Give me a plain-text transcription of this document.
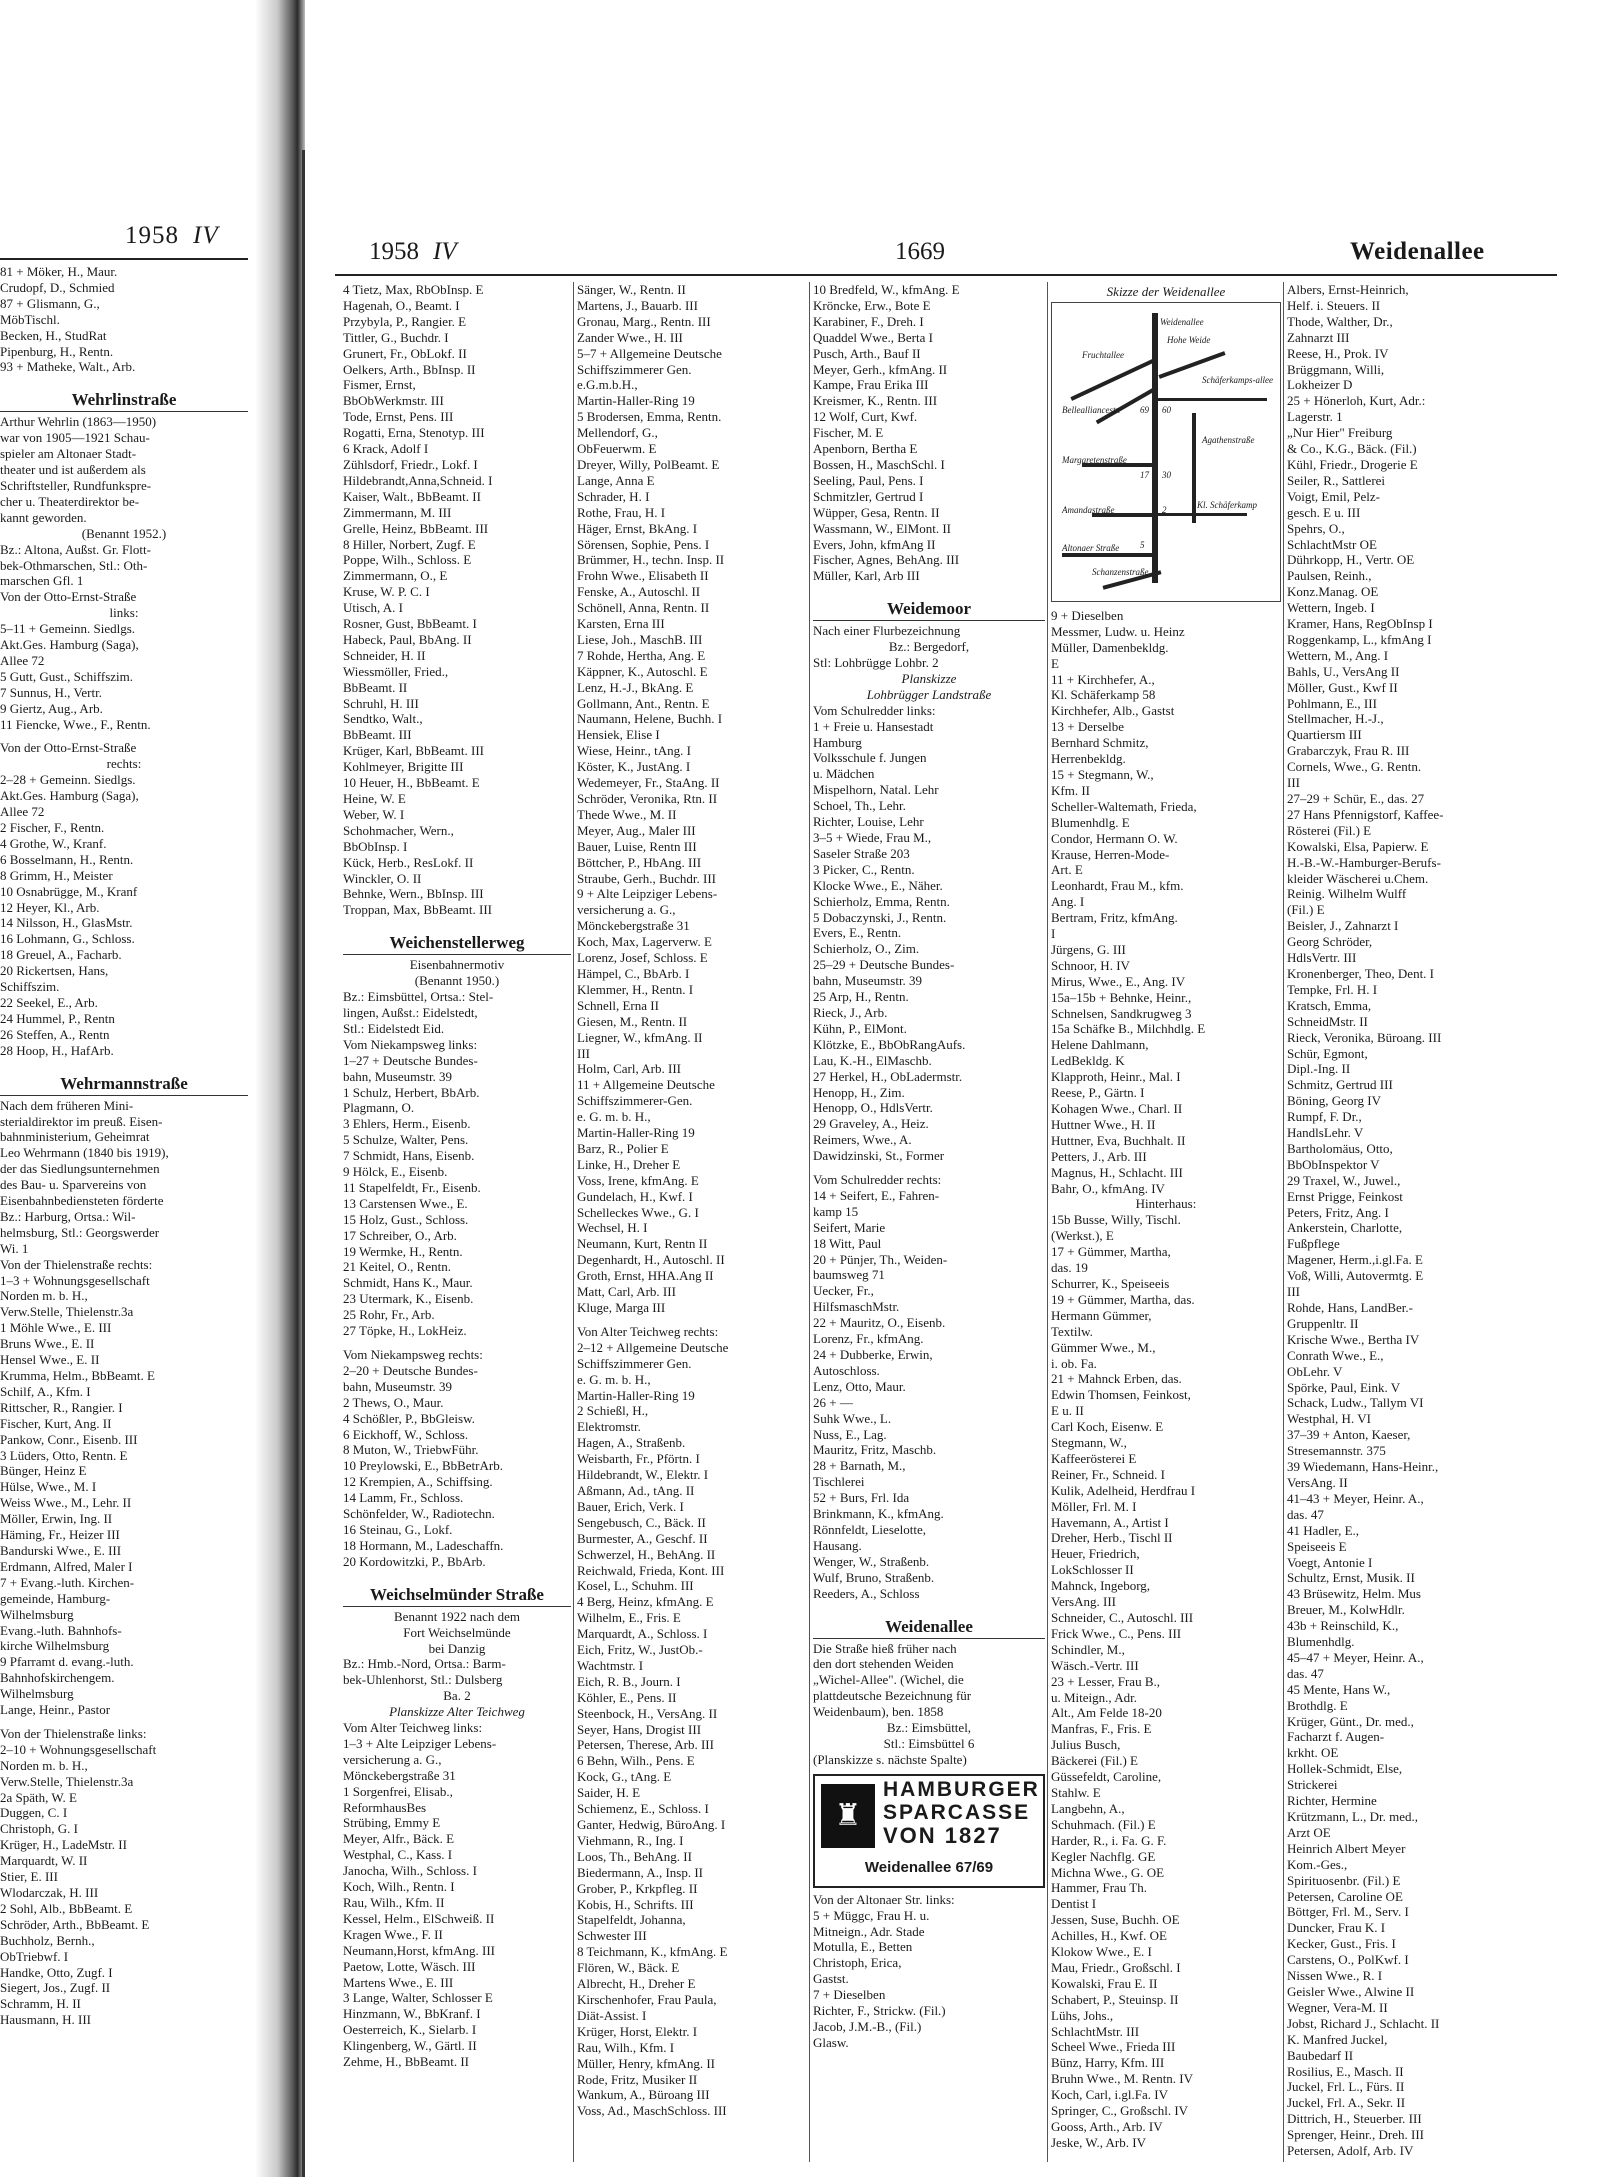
1958 IV
81 + Möker, H., Maur.
Crudopf, D., Schmied
87 + Glismann, G.,
MöbTischl.
Becken, H., StudRat
Pipenburg, H., Rentn.
93 + Matheke, Walt., Arb.
Wehrlinstraße
Arthur Wehrlin (1863—1950)
war von 1905—1921 Schau-
spieler am Altonaer Stadt-
theater und ist außerdem als
Schriftsteller, Rundfunkspre-
cher u. Theaterdirektor be-
kannt geworden.
(Benannt 1952.)
Bz.: Altona, Außst. Gr. Flott-
bek-Othmarschen, Stl.: Oth-
marschen Gfl. 1
Von der Otto-Ernst-Straße
links:
5–11 + Gemeinn. Siedlgs.
Akt.Ges. Hamburg (Saga),
Allee 72
5 Gutt, Gust., Schiffszim.
7 Sunnus, H., Vertr.
9 Giertz, Aug., Arb.
11 Fiencke, Wwe., F., Rentn.
Von der Otto-Ernst-Straße
rechts:
2–28 + Gemeinn. Siedlgs.
Akt.Ges. Hamburg (Saga),
Allee 72
2 Fischer, F., Rentn.
4 Grothe, W., Kranf.
6 Bosselmann, H., Rentn.
8 Grimm, H., Meister
10 Osnabrügge, M., Kranf
12 Heyer, Kl., Arb.
14 Nilsson, H., GlasMstr.
16 Lohmann, G., Schloss.
18 Greuel, A., Facharb.
20 Rickertsen, Hans,
Schiffszim.
22 Seekel, E., Arb.
24 Hummel, P., Rentn
26 Steffen, A., Rentn
28 Hoop, H., HafArb.
Wehrmannstraße
Nach dem früheren Mini-
sterialdirektor im preuß. Eisen-
bahnministerium, Geheimrat
Leo Wehrmann (1840 bis 1919),
der das Siedlungsunternehmen
des Bau- u. Sparvereins von
Eisenbahnbediensteten förderte
Bz.: Harburg, Ortsa.: Wil-
helmsburg, Stl.: Georgswerder
Wi. 1
Von der Thielenstraße rechts:
1–3 + Wohnungsgesellschaft
Norden m. b. H.,
Verw.Stelle, Thielenstr.3a
1 Möhle Wwe., E. III
Bruns Wwe., E. II
Hensel Wwe., E. II
Krumma, Helm., BbBeamt. E
Schilf, A., Kfm. I
Rittscher, R., Rangier. I
Fischer, Kurt, Ang. II
Pankow, Conr., Eisenb. III
3 Lüders, Otto, Rentn. E
Bünger, Heinz E
Hülse, Wwe., M. I
Weiss Wwe., M., Lehr. II
Möller, Erwin, Ing. II
Häming, Fr., Heizer III
Bandurski Wwe., E. III
Erdmann, Alfred, Maler I
7 + Evang.-luth. Kirchen-
gemeinde, Hamburg-
Wilhelmsburg
Evang.-luth. Bahnhofs-
kirche Wilhelmsburg
9 Pfarramt d. evang.-luth.
Bahnhofskirchengem.
Wilhelmsburg
Lange, Heinr., Pastor
Von der Thielenstraße links:
2–10 + Wohnungsgesellschaft
Norden m. b. H.,
Verw.Stelle, Thielenstr.3a
2a Späth, W. E
Duggen, C. I
Christoph, G. I
Krüger, H., LadeMstr. II
Marquardt, W. II
Stier, E. III
Wlodarczak, H. III
2 Sohl, Alb., BbBeamt. E
Schröder, Arth., BbBeamt. E
Buchholz, Bernh.,
ObTriebwf. I
Handke, Otto, Zugf. I
Siegert, Jos., Zugf. II
Schramm, H. II
Hausmann, H. III
1958 IV	1669	Weidenallee
4 Tietz, Max, RbObInsp. E
Hagenah, O., Beamt. I
Przybyla, P., Rangier. E
Tittler, G., Buchdr. I
Grunert, Fr., ObLokf. II
Oelkers, Arth., BbInsp. II
Fismer, Ernst,
BbObWerkmstr. III
Tode, Ernst, Pens. III
Rogatti, Erna, Stenotyp. III
6 Krack, Adolf I
Zühlsdorf, Friedr., Lokf. I
Hildebrandt,Anna,Schneid. I
Kaiser, Walt., BbBeamt. II
Zimmermann, M. III
Grelle, Heinz, BbBeamt. III
8 Hiller, Norbert, Zugf. E
Poppe, Wilh., Schloss. E
Zimmermann, O., E
Kruse, W. P. C. I
Utisch, A. I
Rosner, Gust, BbBeamt. I
Habeck, Paul, BbAng. II
Schneider, H. II
Wiessmöller, Fried.,
BbBeamt. II
Schruhl, H. III
Sendtko, Walt.,
BbBeamt. III
Krüger, Karl, BbBeamt. III
Kohlmeyer, Brigitte III
10 Heuer, H., BbBeamt. E
Heine, W. E
Weber, W. I
Schohmacher, Wern.,
BbObInsp. I
Kück, Herb., ResLokf. II
Winckler, O. II
Behnke, Wern., BbInsp. III
Troppan, Max, BbBeamt. III
Weichenstellerweg
Eisenbahnermotiv
(Benannt 1950.)
Bz.: Eimsbüttel, Ortsa.: Stel-
lingen, Außst.: Eidelstedt,
Stl.: Eidelstedt Eid.
Vom Niekampsweg links:
1–27 + Deutsche Bundes-
bahn, Museumstr. 39
1 Schulz, Herbert, BbArb.
Plagmann, O.
3 Ehlers, Herm., Eisenb.
5 Schulze, Walter, Pens.
7 Schmidt, Hans, Eisenb.
9 Hölck, E., Eisenb.
11 Stapelfeldt, Fr., Eisenb.
13 Carstensen Wwe., E.
15 Holz, Gust., Schloss.
17 Schreiber, O., Arb.
19 Wermke, H., Rentn.
21 Keitel, O., Rentn.
Schmidt, Hans K., Maur.
23 Utermark, K., Eisenb.
25 Rohr, Fr., Arb.
27 Töpke, H., LokHeiz.
Vom Niekampsweg rechts:
2–20 + Deutsche Bundes-
bahn, Museumstr. 39
2 Thews, O., Maur.
4 Schößler, P., BbGleisw.
6 Eickhoff, W., Schloss.
8 Muton, W., TriebwFühr.
10 Preylowski, E., BbBetrArb.
12 Krempien, A., Schiffsing.
14 Lamm, Fr., Schloss.
Schönfelder, W., Radiotechn.
16 Steinau, G., Lokf.
18 Hormann, M., Ladeschaffn.
20 Kordowitzki, P., BbArb.
Weichselmünder Straße
Benannt 1922 nach dem
Fort Weichselmünde
bei Danzig
Bz.: Hmb.-Nord, Ortsa.: Barm-
bek-Uhlenhorst, Stl.: Dulsberg
Ba. 2
Planskizze Alter Teichweg
Vom Alter Teichweg links:
1–3 + Alte Leipziger Lebens-
versicherung a. G.,
Mönckebergstraße 31
1 Sorgenfrei, Elisab.,
ReformhausBes
Strübing, Emmy E
Meyer, Alfr., Bäck. E
Westphal, C., Kass. I
Janocha, Wilh., Schloss. I
Koch, Wilh., Rentn. I
Rau, Wilh., Kfm. II
Kessel, Helm., ElSchweiß. II
Kragen Wwe., F. II
Neumann,Horst, kfmAng. III
Paetow, Lotte, Wäsch. III
Martens Wwe., E. III
3 Lange, Walter, Schlosser E
Hinzmann, W., BbKranf. I
Oesterreich, K., Sielarb. I
Klingenberg, W., Gärtl. II
Zehme, H., BbBeamt. II
Sänger, W., Rentn. II
Martens, J., Bauarb. III
Gronau, Marg., Rentn. III
Zander Wwe., H. III
5–7 + Allgemeine Deutsche
Schiffszimmerer Gen.
e.G.m.b.H.,
Martin-Haller-Ring 19
5 Brodersen, Emma, Rentn.
Mellendorf, G.,
ObFeuerwm. E
Dreyer, Willy, PolBeamt. E
Lange, Anna E
Schrader, H. I
Rothe, Frau, H. I
Häger, Ernst, BkAng. I
Sörensen, Sophie, Pens. I
Brümmer, H., techn. Insp. II
Frohn Wwe., Elisabeth II
Fenske, A., Autoschl. II
Schönell, Anna, Rentn. II
Karsten, Erna III
Liese, Joh., MaschB. III
7 Rohde, Hertha, Ang. E
Käppner, K., Autoschl. E
Lenz, H.-J., BkAng. E
Gollmann, Ant., Rentn. E
Naumann, Helene, Buchh. I
Hensiek, Elise I
Wiese, Heinr., tAng. I
Köster, K., JustAng. I
Wedemeyer, Fr., StaAng. II
Schröder, Veronika, Rtn. II
Thede Wwe., M. II
Meyer, Aug., Maler III
Bauer, Luise, Rentn III
Böttcher, P., HbAng. III
Straube, Gerh., Buchdr. III
9 + Alte Leipziger Lebens-
versicherung a. G.,
Mönckebergstraße 31
Koch, Max, Lagerverw. E
Lorenz, Josef, Schloss. E
Hämpel, C., BbArb. I
Klemmer, H., Rentn. I
Schnell, Erna II
Giesen, M., Rentn. II
Liegner, W., kfmAng. II
III
Holm, Carl, Arb. III
11 + Allgemeine Deutsche
Schiffszimmerer-Gen.
e. G. m. b. H.,
Martin-Haller-Ring 19
Barz, R., Polier E
Linke, H., Dreher E
Voss, Irene, kfmAng. E
Gundelach, H., Kwf. I
Schelleckes Wwe., G. I
Wechsel, H. I
Neumann, Kurt, Rentn II
Degenhardt, H., Autoschl. II
Groth, Ernst, HHA.Ang II
Matt, Carl, Arb. III
Kluge, Marga III
Von Alter Teichweg rechts:
2–12 + Allgemeine Deutsche
Schiffszimmerer Gen.
e. G. m. b. H.,
Martin-Haller-Ring 19
2 Schießl, H.,
Elektromstr.
Hagen, A., Straßenb.
Weisbarth, Fr., Pförtn. I
Hildebrandt, W., Elektr. I
Aßmann, Ad., tAng. II
Bauer, Erich, Verk. I
Sengebusch, C., Bäck. II
Burmester, A., Geschf. II
Schwerzel, H., BehAng. II
Reichwald, Frieda, Kont. III
Kosel, L., Schuhm. III
4 Berg, Heinz, kfmAng. E
Wilhelm, E., Fris. E
Marquardt, A., Schloss. I
Eich, Fritz, W., JustOb.-
Wachtmstr. I
Eich, R. B., Journ. I
Köhler, E., Pens. II
Steenbock, H., VersAng. II
Seyer, Hans, Drogist III
Petersen, Therese, Arb. III
6 Behn, Wilh., Pens. E
Kock, G., tAng. E
Saider, H. E
Schiemenz, E., Schloss. I
Ganter, Hedwig, BüroAng. I
Viehmann, R., Ing. I
Loos, Th., BehAng. II
Biedermann, A., Insp. II
Grober, P., Krkpfleg. II
Kobis, H., Schrifts. III
Stapelfeldt, Johanna,
Schwester III
8 Teichmann, K., kfmAng. E
Flören, W., Bäck. E
Albrecht, H., Dreher E
Kirschenhofer, Frau Paula,
Diät-Assist. I
Krüger, Horst, Elektr. I
Rau, Wilh., Kfm. I
Müller, Henry, kfmAng. II
Rode, Fritz, Musiker II
Wankum, A., Büroang III
Voss, Ad., MaschSchloss. III
10 Bredfeld, W., kfmAng. E
Kröncke, Erw., Bote E
Karabiner, F., Dreh. I
Quaddel Wwe., Berta I
Pusch, Arth., Bauf II
Meyer, Gerh., kfmAng. II
Kampe, Frau Erika III
Kreismer, K., Rentn. III
12 Wolf, Curt, Kwf.
Fischer, M. E
Apenborn, Bertha E
Bossen, H., MaschSchl. I
Seeling, Paul, Pens. I
Schmitzler, Gertrud I
Wüpper, Gesa, Rentn. II
Wassmann, W., ElMont. II
Evers, John, kfmAng II
Fischer, Agnes, BehAng. III
Müller, Karl, Arb III
Weidemoor
Nach einer Flurbezeichnung
Bz.: Bergedorf,
Stl: Lohbrügge Lohbr. 2
Planskizze
Lohbrügger Landstraße
Vom Schulredder links:
1 + Freie u. Hansestadt
Hamburg
Volksschule f. Jungen
u. Mädchen
Mispelhorn, Natal. Lehr
Schoel, Th., Lehr.
Richter, Louise, Lehr
3–5 + Wiede, Frau M.,
Saseler Straße 203
3 Picker, C., Rentn.
Klocke Wwe., E., Näher.
Schierholz, Emma, Rentn.
5 Dobaczynski, J., Rentn.
Evers, E., Rentn.
Schierholz, O., Zim.
25–29 + Deutsche Bundes-
bahn, Museumstr. 39
25 Arp, H., Rentn.
Rieck, J., Arb.
Kühn, P., ElMont.
Klötzke, E., BbObRangAufs.
Lau, K.-H., ElMaschb.
27 Herkel, H., ObLadermstr.
Henopp, H., Zim.
Henopp, O., HdlsVertr.
29 Graveley, A., Heiz.
Reimers, Wwe., A.
Dawidzinski, St., Former
Vom Schulredder rechts:
14 + Seifert, E., Fahren-
kamp 15
Seifert, Marie
18 Witt, Paul
20 + Pünjer, Th., Weiden-
baumsweg 71
Uecker, Fr.,
HilfsmaschMstr.
22 + Mauritz, O., Eisenb.
Lorenz, Fr., kfmAng.
24 + Dubberke, Erwin,
Autoschloss.
Lenz, Otto, Maur.
26 + —
Suhk Wwe., L.
Nuss, E., Lag.
Mauritz, Fritz, Maschb.
28 + Barnath, M.,
Tischlerei
52 + Burs, Frl. Ida
Brinkmann, K., kfmAng.
Rönnfeldt, Lieselotte,
Hausang.
Wenger, W., Straßenb.
Wulf, Bruno, Straßenb.
Reeders, A., Schloss
Weidenallee
Die Straße hieß früher nach
den dort stehenden Weiden
„Wichel-Allee". (Wichel, die
plattdeutsche Bezeichnung für
Weidenbaum), ben. 1858
Bz.: Eimsbüttel,
Stl.: Eimsbüttel 6
(Planskizze s. nächste Spalte)
♜
HAMBURGER
SPARCASSE
VON 1827
Weidenallee 67/69
Von der Altonaer Str. links:
5 + Müggc, Frau H. u.
Mitneign., Adr. Stade
Motulla, E., Betten
Christoph, Erica,
Gastst.
7 + Dieselben
Richter, F., Strickw. (Fil.)
Jacob, J.M.-B., (Fil.)
Glasw.
Skizze der Weidenallee
Weidenallee
Fruchtallee
Bellealliancestr.
Hohe Weide
Schäferkamps-allee
Agathenstraße
Margaretenstraße
Amandastraße	Kl. Schäferkamp
Altonaer Straße
Schanzenstraße
69 60
30
17
5
2
9 + Dieselben
Messmer, Ludw. u. Heinz
Müller, Damenbekldg.
E
11 + Kirchhefer, A.,
Kl. Schäferkamp 58
Kirchhefer, Alb., Gastst
13 + Derselbe
Bernhard Schmitz,
Herrenbekldg.
15 + Stegmann, W.,
Kfm. II
Scheller-Waltemath, Frieda,
Blumenhdlg. E
Condor, Hermann O. W.
Krause, Herren-Mode-
Art. E
Leonhardt, Frau M., kfm.
Ang. I
Bertram, Fritz, kfmAng.
I
Jürgens, G. III
Schnoor, H. IV
Mirus, Wwe., E., Ang. IV
15a–15b + Behnke, Heinr.,
Schnelsen, Sandkrugweg 3
15a Schäfke B., Milchhdlg. E
Helene Dahlmann,
LedBekldg. K
Klapproth, Heinr., Mal. I
Reese, P., Gärtn. I
Kohagen Wwe., Charl. II
Huttner Wwe., H. II
Huttner, Eva, Buchhalt. II
Petters, J., Arb. III
Magnus, H., Schlacht. III
Bahr, O., kfmAng. IV
Hinterhaus:
15b Busse, Willy, Tischl.
(Werkst.), E
17 + Gümmer, Martha,
das. 19
Schurrer, K., Speiseeis
19 + Gümmer, Martha, das.
Hermann Gümmer,
Textilw.
Gümmer Wwe., M.,
i. ob. Fa.
21 + Mahnck Erben, das.
Edwin Thomsen, Feinkost,
E u. II
Carl Koch, Eisenw. E
Stegmann, W.,
Kaffeerösterei E
Reiner, Fr., Schneid. I
Kulik, Adelheid, Herdfrau I
Möller, Frl. M. I
Havemann, A., Artist I
Dreher, Herb., Tischl II
Heuer, Friedrich,
LokSchlosser II
Mahnck, Ingeborg,
VersAng. III
Schneider, C., Autoschl. III
Frick Wwe., C., Pens. III
Schindler, M.,
Wäsch.-Vertr. III
23 + Lesser, Frau B.,
u. Miteign., Adr.
Alt., Am Felde 18-20
Manfras, F., Fris. E
Julius Busch,
Bäckerei (Fil.) E
Güssefeldt, Caroline,
Stahlw. E
Langbehn, A.,
Schuhmach. (Fil.) E
Harder, R., i. Fa. G. F.
Kegler Nachflg. GE
Michna Wwe., G. OE
Hammer, Frau Th.
Dentist I
Jessen, Suse, Buchh. OE
Achilles, H., Kwf. OE
Klokow Wwe., E. I
Mau, Friedr., Großschl. I
Kowalski, Frau E. II
Schabert, P., Steuinsp. II
Lühs, Johs.,
SchlachtMstr. III
Scheel Wwe., Frieda III
Bünz, Harry, Kfm. III
Bruhn Wwe., M. Rentn. IV
Koch, Carl, i.gl.Fa. IV
Springer, C., Großschl. IV
Gooss, Arth., Arb. IV
Jeske, W., Arb. IV
Albers, Ernst-Heinrich,
Helf. i. Steuers. II
Thode, Walther, Dr.,
Zahnarzt III
Reese, H., Prok. IV
Brüggmann, Willi,
Lokheizer D
25 + Hönerloh, Kurt, Adr.:
Lagerstr. 1
„Nur Hier" Freiburg
& Co., K.G., Bäck. (Fil.)
Kühl, Friedr., Drogerie E
Seiler, R., Sattlerei
Voigt, Emil, Pelz-
gesch. E u. III
Spehrs, O.,
SchlachtMstr OE
Dührkopp, H., Vertr. OE
Paulsen, Reinh.,
Konz.Manag. OE
Wettern, Ingeb. I
Kramer, Hans, RegObInsp I
Roggenkamp, L., kfmAng I
Wettern, M., Ang. I
Bahls, U., VersAng II
Möller, Gust., Kwf II
Pohlmann, E., III
Stellmacher, H.-J.,
Quartiersm III
Grabarczyk, Frau R. III
Cornels, Wwe., G. Rentn.
III
27–29 + Schür, E., das. 27
27 Hans Pfennigstorf, Kaffee-
Rösterei (Fil.) E
Kowalski, Elsa, Papierw. E
H.-B.-W.-Hamburger-Berufs-
kleider Wäscherei u.Chem.
Reinig. Wilhelm Wulff
(Fil.) E
Beisler, J., Zahnarzt I
Georg Schröder,
HdlsVertr. III
Kronenberger, Theo, Dent. I
Tempke, Frl. H. I
Kratsch, Emma,
SchneidMstr. II
Rieck, Veronika, Büroang. III
Schür, Egmont,
Dipl.-Ing. II
Schmitz, Gertrud III
Böning, Georg IV
Rumpf, F. Dr.,
HandlsLehr. V
Bartholomäus, Otto,
BbObInspektor V
29 Traxel, W., Juwel.,
Ernst Prigge, Feinkost
Peters, Fritz, Ang. I
Ankerstein, Charlotte,
Fußpflege
Magener, Herm.,i.gl.Fa. E
Voß, Willi, Autovermtg. E
III
Rohde, Hans, LandBer.-
Gruppenltr. II
Krische Wwe., Bertha IV
Conrath Wwe., E.,
ObLehr. V
Spörke, Paul, Eink. V
Schack, Ludw., Tallym VI
Westphal, H. VI
37–39 + Anton, Kaeser,
Stresemannstr. 375
39 Wiedemann, Hans-Heinr.,
VersAng. II
41–43 + Meyer, Heinr. A.,
das. 47
41 Hadler, E.,
Speiseeis E
Voegt, Antonie I
Schultz, Ernst, Musik. II
43 Brüsewitz, Helm. Mus
Breuer, M., KolwHdlr.
43b + Reinschild, K.,
Blumenhdlg.
45–47 + Meyer, Heinr. A.,
das. 47
45 Mente, Hans W.,
Brothdlg. E
Krüger, Günt., Dr. med.,
Facharzt f. Augen-
krkht. OE
Hollek-Schmidt, Else,
Strickerei
Richter, Hermine
Krützmann, L., Dr. med.,
Arzt OE
Heinrich Albert Meyer
Kom.-Ges.,
Spirituosenbr. (Fil.) E
Petersen, Caroline OE
Böttger, Frl. M., Serv. I
Duncker, Frau K. I
Kecker, Gust., Fris. I
Carstens, O., PolKwf. I
Nissen Wwe., R. I
Geisler Wwe., Alwine II
Wegner, Vera-M. II
Jobst, Richard J., Schlacht. II
K. Manfred Juckel,
Baubedarf II
Rosilius, E., Masch. II
Juckel, Frl. L., Fürs. II
Juckel, Frl. A., Sekr. II
Dittrich, H., Steuerber. III
Sprenger, Heinr., Dreh. III
Petersen, Adolf, Arb. IV
